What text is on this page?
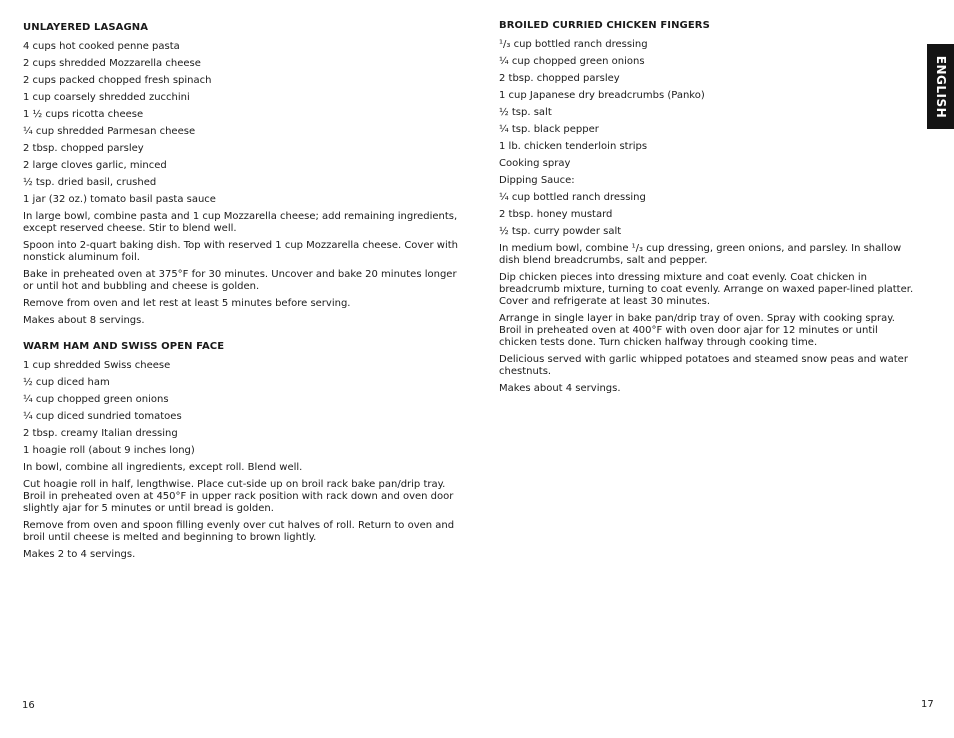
UNLAYERED LASAGNA
4 cups hot cooked penne pasta
2 cups shredded Mozzarella cheese
2 cups packed chopped fresh spinach
1 cup coarsely shredded zucchini
1 ½ cups ricotta cheese
¼ cup shredded Parmesan cheese
2 tbsp. chopped parsley
2 large cloves garlic, minced
½ tsp. dried basil, crushed
1 jar (32 oz.) tomato basil pasta sauce

In large bowl, combine pasta and 1 cup Mozzarella cheese; add remaining ingredients, except reserved cheese. Stir to blend well.

Spoon into 2-quart baking dish. Top with reserved 1 cup Mozzarella cheese. Cover with nonstick aluminum foil.

Bake in preheated oven at 375°F for 30 minutes. Uncover and bake 20 minutes longer or until hot and bubbling and cheese is golden.

Remove from oven and let rest at least 5 minutes before serving.

Makes about 8 servings.

WARM HAM AND SWISS OPEN FACE
1 cup shredded Swiss cheese
½ cup diced ham
¼ cup chopped green onions
¼ cup diced sundried tomatoes
2 tbsp. creamy Italian dressing
1 hoagie roll (about 9 inches long)

In bowl, combine all ingredients, except roll. Blend well.

Cut hoagie roll in half, lengthwise. Place cut-side up on broil rack bake pan/drip tray. Broil in preheated oven at 450°F in upper rack position with rack down and oven door slightly ajar for 5 minutes or until bread is golden.

Remove from oven and spoon filling evenly over cut halves of roll. Return to oven and broil until cheese is melted and beginning to brown lightly.

Makes 2 to 4 servings.

16
BROILED CURRIED CHICKEN FINGERS
¹/₃ cup bottled ranch dressing
¼ cup chopped green onions
2 tbsp. chopped parsley
1 cup Japanese dry breadcrumbs (Panko)
½ tsp. salt
¼ tsp. black pepper
1 lb. chicken tenderloin strips
Cooking spray
Dipping Sauce:
¼ cup bottled ranch dressing
2 tbsp. honey mustard
½ tsp. curry powder salt

In medium bowl, combine ¹/₃ cup dressing, green onions, and parsley. In shallow dish blend breadcrumbs, salt and pepper.

Dip chicken pieces into dressing mixture and coat evenly. Coat chicken in breadcrumb mixture, turning to coat evenly. Arrange on waxed paper-lined platter. Cover and refrigerate at least 30 minutes.

Arrange in single layer in bake pan/drip tray of oven. Spray with cooking spray. Broil in preheated oven at 400°F with oven door ajar for 12 minutes or until chicken tests done. Turn chicken halfway through cooking time.

Delicious served with garlic whipped potatoes and steamed snow peas and water chestnuts.

Makes about 4 servings.

17
ENGLISH
